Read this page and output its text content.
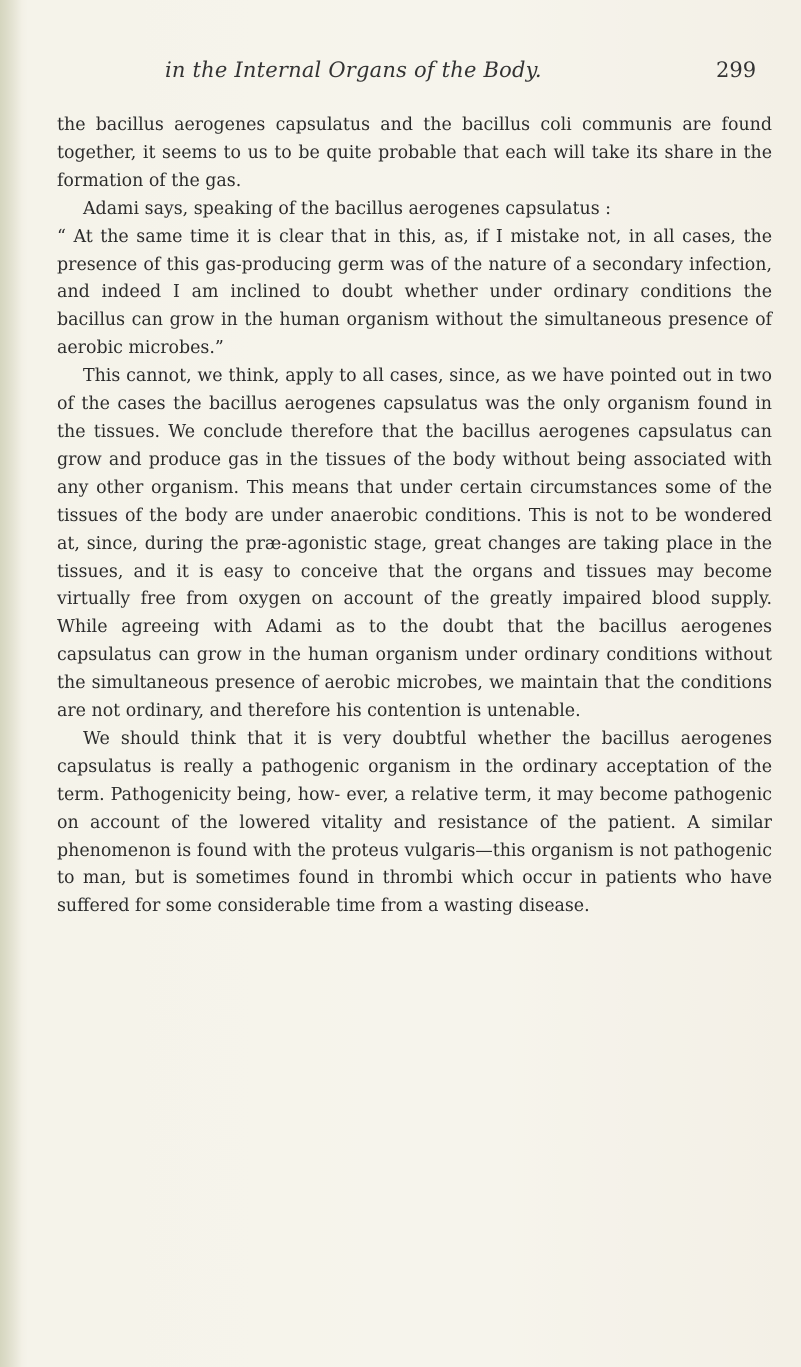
in the Internal Organs of the Body.	299

the bacillus aerogenes capsulatus and the bacillus coli communis are found together, it seems to us to be quite probable that each will take its share in the formation of the gas.

Adami says, speaking of the bacillus aerogenes capsulatus :

“ At the same time it is clear that in this, as, if I mistake not, in all cases, the presence of this gas-producing germ was of the nature of a secondary infection, and indeed I am inclined to doubt whether under ordinary conditions the bacillus can grow in the human organism without the simultaneous presence of aerobic microbes.”

This cannot, we think, apply to all cases, since, as we have pointed out in two of the cases the bacillus aerogenes capsulatus was the only organism found in the tissues. We conclude therefore that the bacillus aerogenes capsulatus can grow and produce gas in the tissues of the body without being associated with any other organism. This means that under certain circumstances some of the tissues of the body are under anaerobic conditions. This is not to be wondered at, since, during the præ-agonistic stage, great changes are taking place in the tissues, and it is easy to conceive that the organs and tissues may become virtually free from oxygen on account of the greatly impaired blood supply. While agreeing with Adami as to the doubt that the bacillus aerogenes capsulatus can grow in the human organism under ordinary conditions without the simultaneous presence of aerobic microbes, we maintain that the conditions are not ordinary, and therefore his contention is untenable.

We should think that it is very doubtful whether the bacillus aerogenes capsulatus is really a pathogenic organism in the ordinary acceptation of the term. Pathogenicity being, how- ever, a relative term, it may become pathogenic on account of the lowered vitality and resistance of the patient. A similar phenomenon is found with the proteus vulgaris—this organism is not pathogenic to man, but is sometimes found in thrombi which occur in patients who have suffered for some considerable time from a wasting disease.
